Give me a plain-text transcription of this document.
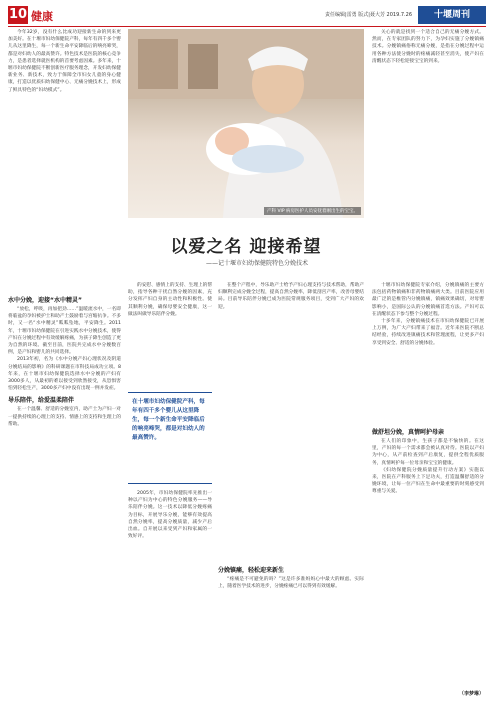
10 健康	责任编辑|雷勇 版式|聂大芳 2019.7.26	十堰周刊

今年32岁，没有什么比成功迎接新生命的到来更加美好。在十堰市妇幼保健院产科，每年有四千多个婴儿从这里降生，每一个新生命平安降临后的响亮啼哭，都是对妇幼人的最高赞许。特色技术是医院的核心竞争力，是患者选择就医机构的首要考虑因素。多年来，十堰市妇幼保健院不断创新医疗服务理念，开发妇幼保健新业务、新技术，致力于保障全市妇女儿童的身心健康，打造以优质妇幼保健中心、无痛分娩技术上，形成了鲜具特色的“妇幼模式”。

产科 VIP 病房医护人员安抚着刚出生的宝宝。

关心的就是找到一个适合自己的无痛分娩方式。然而，在专家团队的努力下，为孕妇实施了分娩镇痛技术。分娩镇痛俗称无痛分娩，是指在分娩过程中运用各种方法使分娩时的疼痛减轻甚至消失，使产妇在清醒状态下轻松迎接宝宝的到来。

以爱之名 迎接希望
——记十堰市妇幼保健院特色分娩技术
水中分娩，迎接“水中精灵”

“放松，呼吸，再加把劲……”温暖流水中，一名即将临盆的孕妇被护士和助产士鼓励着与宫缩抗争。不多时，又一名“水中精灵”呱呱坠地，平安降生。2011年，十堰市妇幼保健院在引进实践水中分娩技术，使得产妇在分娩过程中有效缓解疼痛，为孩子降生创造了更为自然的环境。截至目前，医院共完成水中分娩数百例，是产妇和婴儿的共同选择。

2013年初，名为《水中分娩产妇心理状况及阴道分娩结局的影响》的科研课题在市科技局成功立项。8年来，在十堰市妇幼保健院选择水中分娩的产妇有3000多人，从最初的难以接受到欣然接受，从恐惧害怕到轻松生产，3000多产妇中没有出现一例并发症。

导乐陪伴，给爱温柔陪伴

在一个温馨、舒适的分娩室内，助产士为产妇一对一提供持续的心理上的支持、情感上的支持和生理上的帮助。

的安慰、感情上的支持、生理上的帮助，指导各种干扰自然分娩的因素，充分发挥产妇自身的主动性和积极性。使其顺利分娩，确保母婴安全健康，这一做法叫做导乐陪伴分娩。

在十堰市妇幼保健院产科，每年有四千多个婴儿从这里降生，每一个新生命平安降临后的响亮啼哭，都是对妇幼人的最高赞许。

2005年，市妇幼保健院率先推出一种以产妇为中心的特色分娩服务——导乐陪伴分娩。这一技术以降低分娩疼痛为目标，开展导乐分娩，能够有效提高自然分娩率，提高分娩质量，减少产后出血。自开展以来受到产妇和家属的一致好评。

在整个产程中，导乐助产士给予产妇心理支持与技术帮助，帮助产妇顺利完成分娩全过程，提高自然分娩率，降低剖宫产率，改善母婴结局。目前导乐陪伴分娩已成为医院常规服务项目，受到广大产妇的欢迎。

分娩镇痛，轻松迎来新生

“疼痛是不可避免的吗？”这是许多准妈妈心中最大的顾虑。实际上，随着医学技术的进步，分娩疼痛已可以得到有效缓解。

十堰市妇幼保健院专家介绍，分娩镇痛的主要方法包括药物镇痛和非药物镇痛两大类。目前医院应用最广泛的是椎管内分娩镇痛，镇痛效果确切，对母婴影响小，是国际公认的分娩镇痛首选方法。产妇可以在清醒状态下参与整个分娩过程。

十多年来，分娩镇痛技术在市妇幼保健院已开展上万例，为广大产妇带来了福音。近年来医院不断总结经验，持续改进镇痛技术和管理流程，让更多产妇享受到安全、舒适的分娩体验。

做舒坦分娩，真情呵护母亲

在人们的印象中，生孩子都是不愉快的。在这里，产妇的每一个需求都会被认真对待。医院以产妇为中心，从产前检查到产后康复，提供全程优质服务，真情呵护每一位母亲和宝宝的健康。

《妇幼保健院分娩质量提升行动方案》实施以来，医院在产科服务上下足功夫，打造温馨舒适的分娩环境，让每一位产妇在生命中最重要的时刻感受到尊重与关爱。

（李梦琳）
